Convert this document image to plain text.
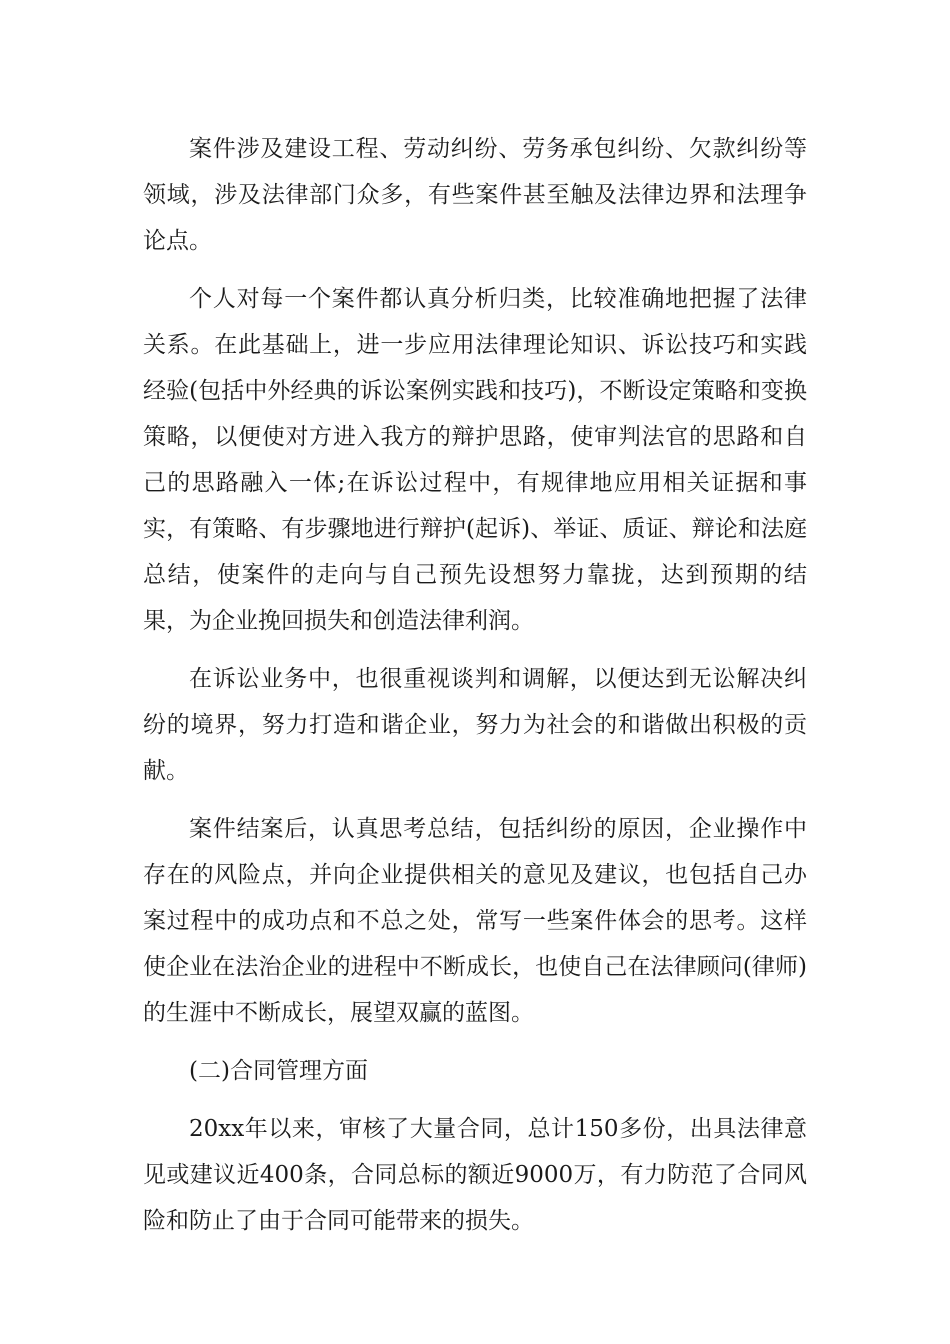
案件涉及建设工程、劳动纠纷、劳务承包纠纷、欠款纠纷等领域，涉及法律部门众多，有些案件甚至触及法律边界和法理争论点。

个人对每一个案件都认真分析归类，比较准确地把握了法律关系。在此基础上，进一步应用法律理论知识、诉讼技巧和实践经验(包括中外经典的诉讼案例实践和技巧)，不断设定策略和变换策略，以便使对方进入我方的辩护思路，使审判法官的思路和自己的思路融入一体;在诉讼过程中，有规律地应用相关证据和事实，有策略、有步骤地进行辩护(起诉)、举证、质证、辩论和法庭总结，使案件的走向与自己预先设想努力靠拢，达到预期的结果，为企业挽回损失和创造法律利润。

在诉讼业务中，也很重视谈判和调解，以便达到无讼解决纠纷的境界，努力打造和谐企业，努力为社会的和谐做出积极的贡献。

案件结案后，认真思考总结，包括纠纷的原因，企业操作中存在的风险点，并向企业提供相关的意见及建议，也包括自己办案过程中的成功点和不总之处，常写一些案件体会的思考。这样使企业在法治企业的进程中不断成长，也使自己在法律顾问(律师)的生涯中不断成长，展望双赢的蓝图。

(二)合同管理方面

20xx年以来，审核了大量合同，总计150多份，出具法律意见或建议近400条，合同总标的额近9000万，有力防范了合同风险和防止了由于合同可能带来的损失。
